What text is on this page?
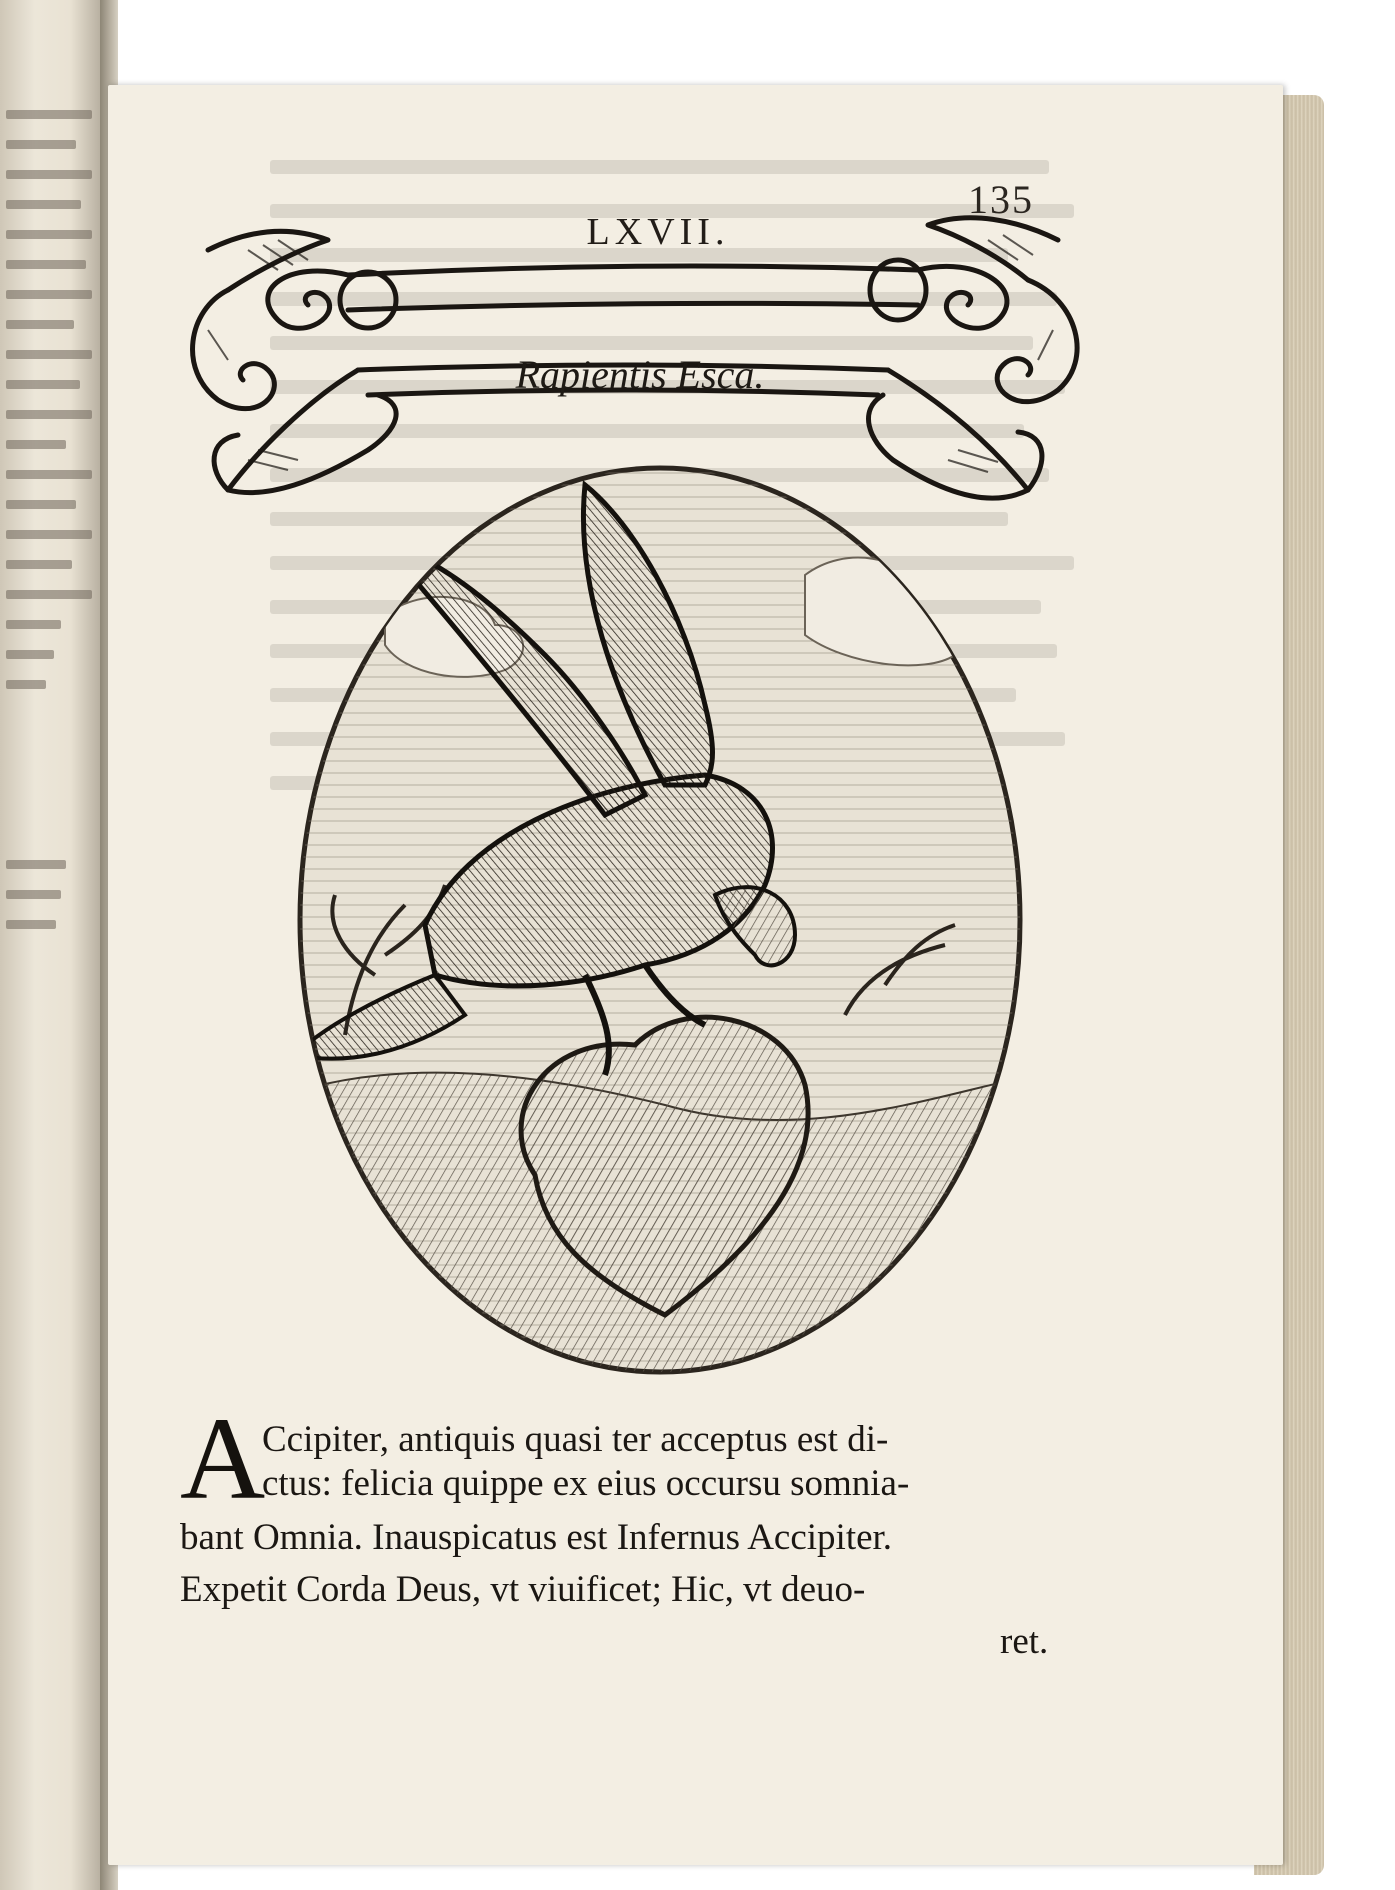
135
LXVII.
Rapientis Esca.
A
Ccipiter, antiquis quasi ter acceptus est di-
ctus: felicia quippe ex eius occursu somnia-
bant Omnia. Inauspicatus est Infernus Accipiter.
Expetit Corda Deus, vt viuificet; Hic, vt deuo-
ret.
